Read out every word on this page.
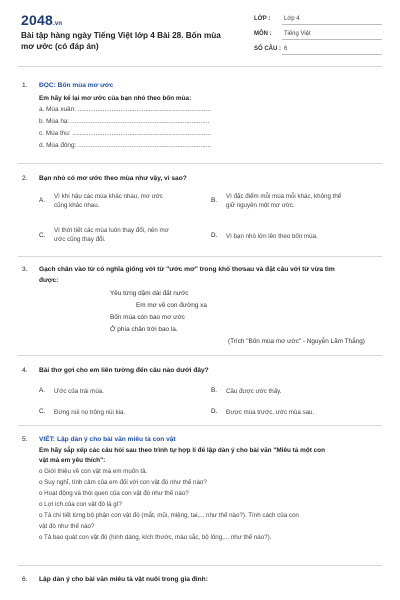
2048.vn
Bài tập hàng ngày Tiếng Việt lớp 4 Bài 28. Bốn mùa mơ ước (có đáp án)
LỚP : Lớp 4
MÔN : Tiếng Việt
SỐ CÂU : 6
1. ĐỌC: Bốn mùa mơ ước
Em hãy kể lại mơ ước của bạn nhỏ theo bốn mùa:
a. Mùa xuân: ...........................................................................
b. Mùa hạ: ..............................................................................
c. Mùa thu: ..............................................................................
d. Mùa đông: ...........................................................................
2. Bạn nhỏ có mơ ước theo mùa như vậy, vì sao?
A.
Vì khí hậu các mùa khác nhau, mơ ước
cũng khác nhau.
B.
Vì đặc điểm mỗi mùa mỗi khác, không thể
giữ nguyên một mơ ước.
C.
Vì thời tiết các mùa luôn thay đổi, nên mơ
ước cũng thay đổi.
D. Vì bạn nhỏ lớn lên theo bốn mùa.
3. Gạch chân vào từ có nghĩa giống với từ "ước mơ" trong khổ thơsau và đặt câu với từ vừa tìm
được:
Yêu từng dặm dài đất nước
Em mơ về con đường xa
Bốn mùa còn bao mơ ước
Ở phía chân trời bao la.
(Trích "Bốn mùa mơ ước" - Nguyễn Lãm Thắng)
4. Bài thơ gợi cho em liên tưởng đến câu nào dưới đây?
A. Ước của trái mùa.	B. Cầu được ước thấy.
C. Đứng núi nọ trông núi kia.	D. Được mùa trước, ước mùa sau.
5. VIẾT: Lập dàn ý cho bài văn miêu tả con vật
Em hãy sắp xếp các câu hỏi sau theo trình tự hợp lí để lập dàn ý cho bài văn "Miêu tả một con
vật mà em yêu thích":
o Giới thiệu về con vật mà em muốn tả.
o Suy nghĩ, tình cảm của em đối với con vật đó như thế nào?
o Hoạt động và thói quen của con vật đó như thế nào?
o Lợi ích của con vật đó là gì?
o Tả chi tiết từng bộ phận con vật đó (mắt, mũi, miệng, tai,... như thế nào?). Tính cách của con
vật đó như thế nào?
o Tả bao quát con vật đó (hình dáng, kích thước, màu sắc, bộ lông,... như thế nào?).
6. Lập dàn ý cho bài văn miêu tả vật nuôi trong gia đình:
